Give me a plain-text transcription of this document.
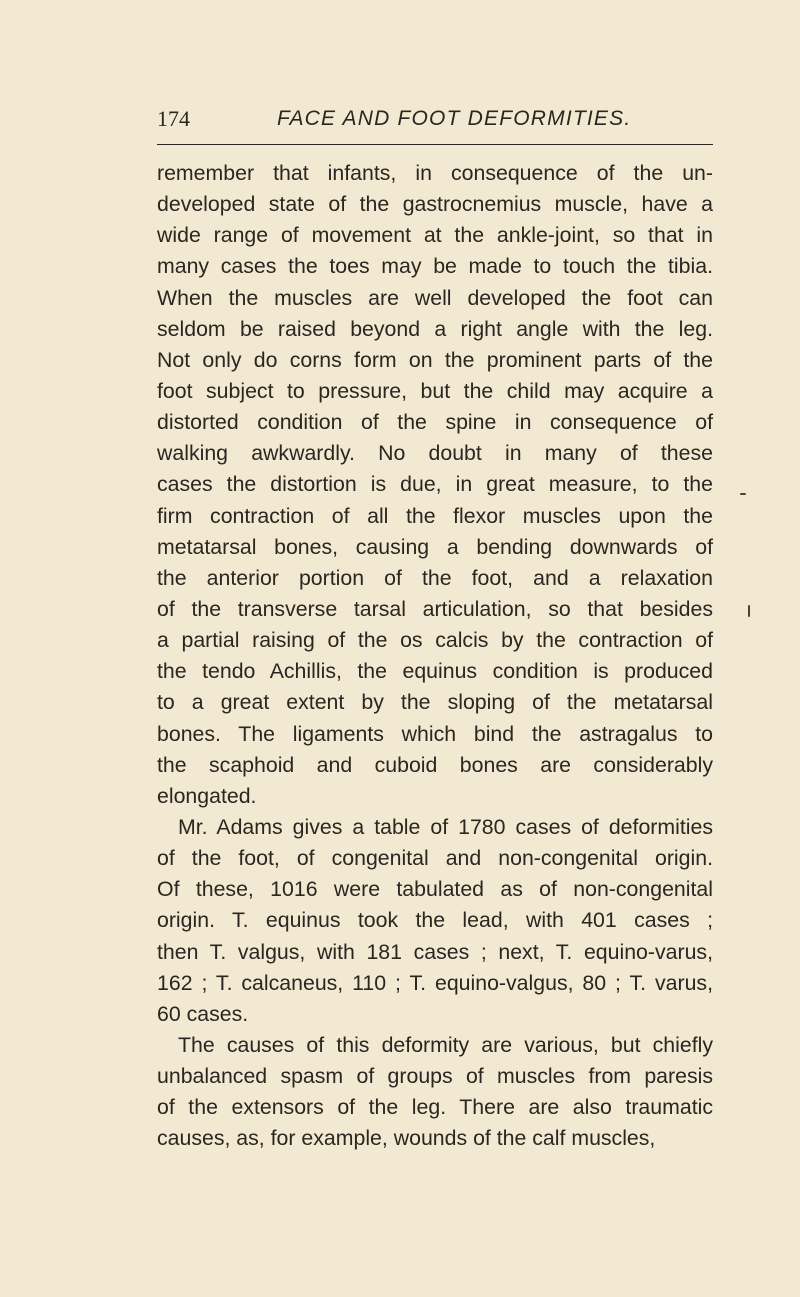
174	FACE AND FOOT DEFORMITIES.
remember that infants, in consequence of the un-
developed state of the gastrocnemius muscle, have a
wide range of movement at the ankle-joint, so that in
many cases the toes may be made to touch the tibia.
When the muscles are well developed the foot can
seldom be raised beyond a right angle with the leg.
Not only do corns form on the prominent parts of the
foot subject to pressure, but the child may acquire a
distorted condition of the spine in consequence of
walking awkwardly. No doubt in many of these
cases the distortion is due, in great measure, to the
firm contraction of all the flexor muscles upon the
metatarsal bones, causing a bending downwards of
the anterior portion of the foot, and a relaxation
of the transverse tarsal articulation, so that besides
a partial raising of the os calcis by the contraction of
the tendo Achillis, the equinus condition is produced
to a great extent by the sloping of the metatarsal
bones. The ligaments which bind the astragalus to
the scaphoid and cuboid bones are considerably
elongated.
Mr. Adams gives a table of 1780 cases of deformities
of the foot, of congenital and non-congenital origin.
Of these, 1016 were tabulated as of non-congenital
origin. T. equinus took the lead, with 401 cases ;
then T. valgus, with 181 cases ; next, T. equino-varus,
162 ; T. calcaneus, 110 ; T. equino-valgus, 80 ; T. varus,
60 cases.
The causes of this deformity are various, but chiefly
unbalanced spasm of groups of muscles from paresis
of the extensors of the leg. There are also traumatic
causes, as, for example, wounds of the calf muscles,
